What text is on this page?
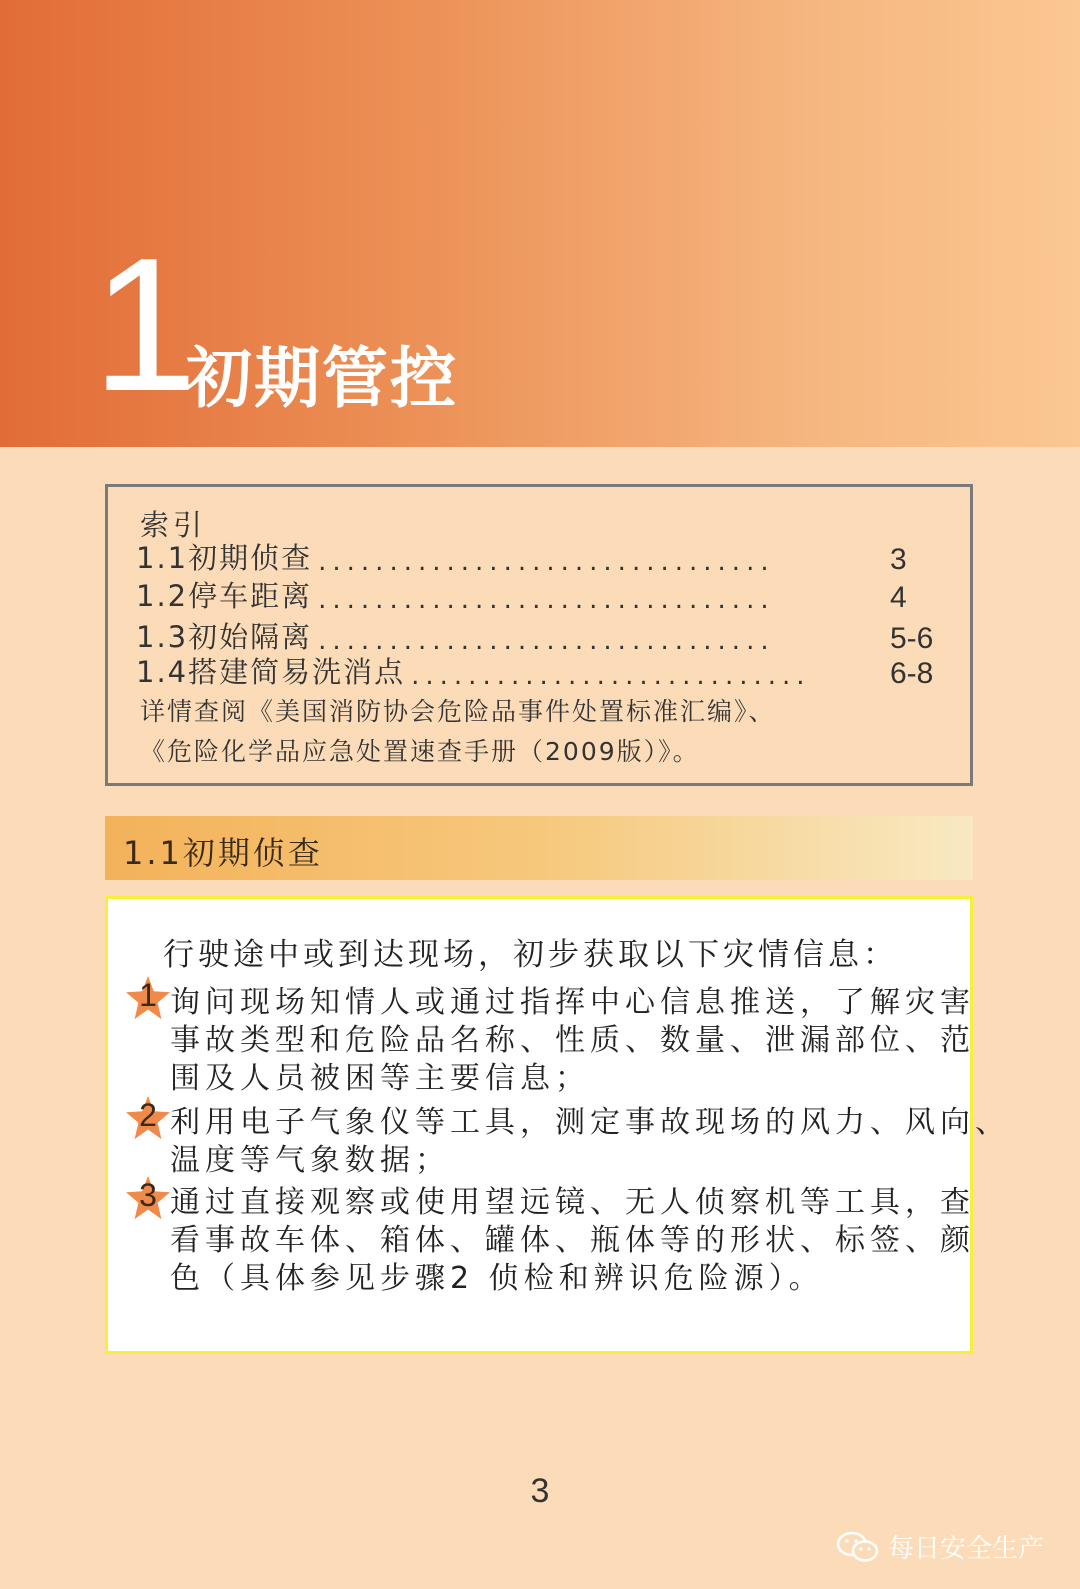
1
初期管控
索引
1.1初期侦查 ................................	3
1.2停车距离 ................................	4
1.3初始隔离 ................................	5-6
1.4搭建简易洗消点 ............................	6-8
详情查阅《美国消防协会危险品事件处置标准汇编》、
《危险化学品应急处置速查手册（2009版）》。
1.1初期侦查
行驶途中或到达现场，初步获取以下灾情信息：
1 询问现场知情人或通过指挥中心信息推送，了解灾害
事故类型和危险品名称、性质、数量、泄漏部位、范
围及人员被困等主要信息；
2 利用电子气象仪等工具，测定事故现场的风力、风向、
温度等气象数据；
3 通过直接观察或使用望远镜、无人侦察机等工具，查
看事故车体、箱体、罐体、瓶体等的形状、标签、颜
色（具体参见步骤2 侦检和辨识危险源）。
3
每日安全生产
